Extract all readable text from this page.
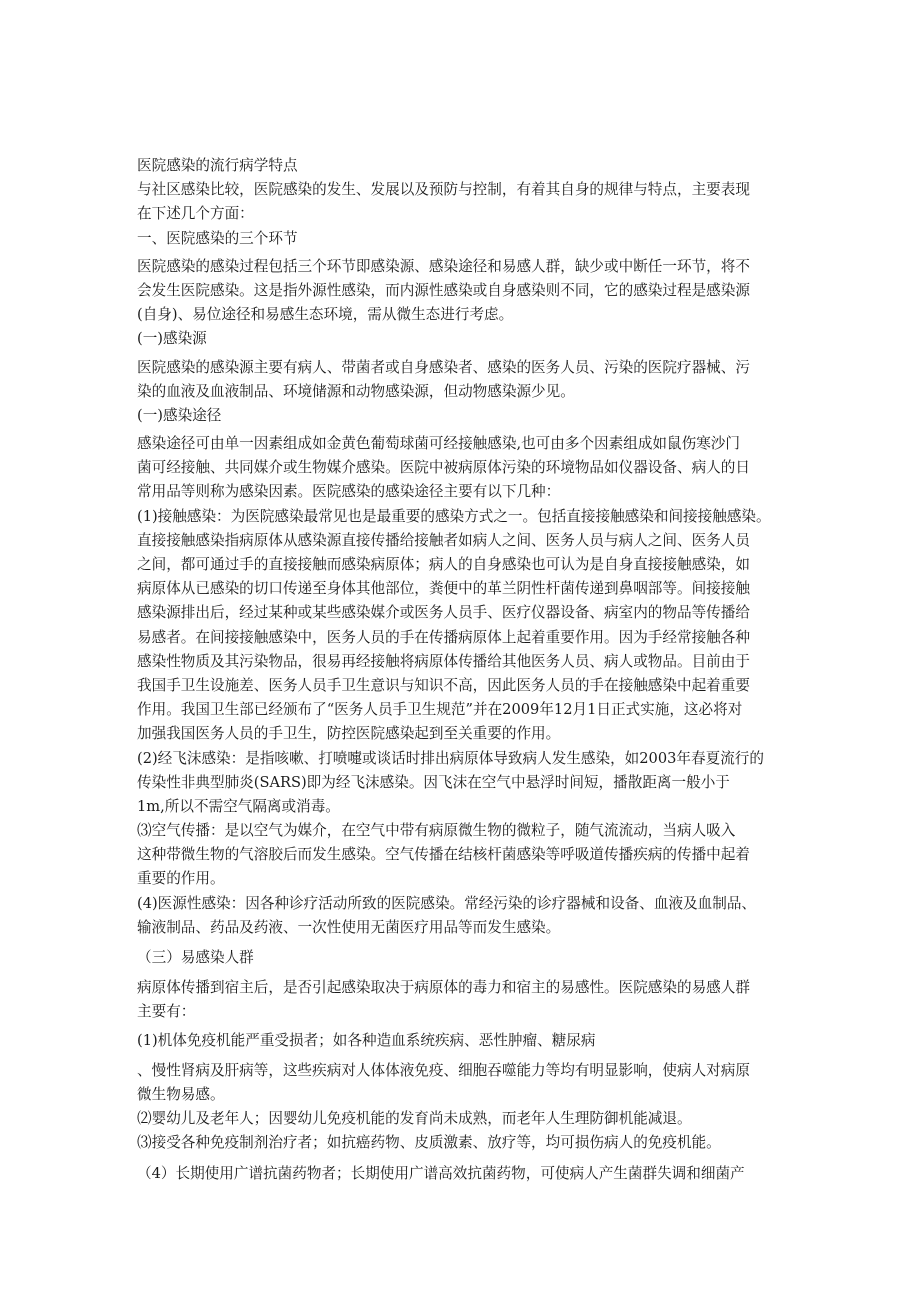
医院感染的流行病学特点
与社区感染比较，医院感染的发生、发展以及预防与控制，有着其自身的规律与特点，主要表现
在下述几个方面：
一、医院感染的三个环节
医院感染的感染过程包括三个环节即感染源、感染途径和易感人群，缺少或中断任一环节，将不
会发生医院感染。这是指外源性感染，而内源性感染或自身感染则不同，它的感染过程是感染源
(自身)、易位途径和易感生态环境，需从微生态进行考虑。
(一)感染源
医院感染的感染源主要有病人、带菌者或自身感染者、感染的医务人员、污染的医院疗器械、污
染的血液及血液制品、环境储源和动物感染源，但动物感染源少见。
(一)感染途径
感染途径可由单一因素组成如金黄色葡萄球菌可经接触感染,也可由多个因素组成如鼠伤寒沙门
菌可经接触、共同媒介或生物媒介感染。医院中被病原体污染的环境物品如仪器设备、病人的日
常用品等则称为感染因素。医院感染的感染途径主要有以下几种：
(1)接触感染：为医院感染最常见也是最重要的感染方式之一。包括直接接触感染和间接接触感染。
直接接触感染指病原体从感染源直接传播给接触者如病人之间、医务人员与病人之间、医务人员
之间，都可通过手的直接接触而感染病原体；病人的自身感染也可认为是自身直接接触感染，如
病原体从已感染的切口传递至身体其他部位，粪便中的革兰阴性杆菌传递到鼻咽部等。间接接触
感染源排出后，经过某种或某些感染媒介或医务人员手、医疗仪器设备、病室内的物品等传播给
易感者。在间接接触感染中，医务人员的手在传播病原体上起着重要作用。因为手经常接触各种
感染性物质及其污染物品，很易再经接触将病原体传播给其他医务人员、病人或物品。目前由于
我国手卫生设施差、医务人员手卫生意识与知识不高，因此医务人员的手在接触感染中起着重要
作用。我国卫生部已经颁布了“医务人员手卫生规范”并在2009年12月1日正式实施，这必将对
加强我国医务人员的手卫生，防控医院感染起到至关重要的作用。
(2)经飞沫感染：是指咳嗽、打喷嚏或谈话时排出病原体导致病人发生感染，如2003年春夏流行的
传染性非典型肺炎(SARS)即为经飞沫感染。因飞沫在空气中悬浮时间短，播散距离一般小于
1m,所以不需空气隔离或消毒。
⑶空气传播：是以空气为媒介，在空气中带有病原微生物的微粒子，随气流流动，当病人吸入
这种带微生物的气溶胶后而发生感染。空气传播在结核杆菌感染等呼吸道传播疾病的传播中起着
重要的作用。
(4)医源性感染：因各种诊疗活动所致的医院感染。常经污染的诊疗器械和设备、血液及血制品、
输液制品、药品及药液、一次性使用无菌医疗用品等而发生感染。
（三）易感染人群
病原体传播到宿主后，是否引起感染取决于病原体的毒力和宿主的易感性。医院感染的易感人群
主要有：
(1)机体免疫机能严重受损者；如各种造血系统疾病、恶性肿瘤、糖尿病
、慢性肾病及肝病等，这些疾病对人体体液免疫、细胞吞噬能力等均有明显影响，使病人对病原
微生物易感。
⑵婴幼儿及老年人；因婴幼儿免疫机能的发育尚未成熟，而老年人生理防御机能减退。
⑶接受各种免疫制剂治疗者；如抗癌药物、皮质激素、放疗等，均可损伤病人的免疫机能。
（4）长期使用广谱抗菌药物者；长期使用广谱高效抗菌药物，可使病人产生菌群失调和细菌产
